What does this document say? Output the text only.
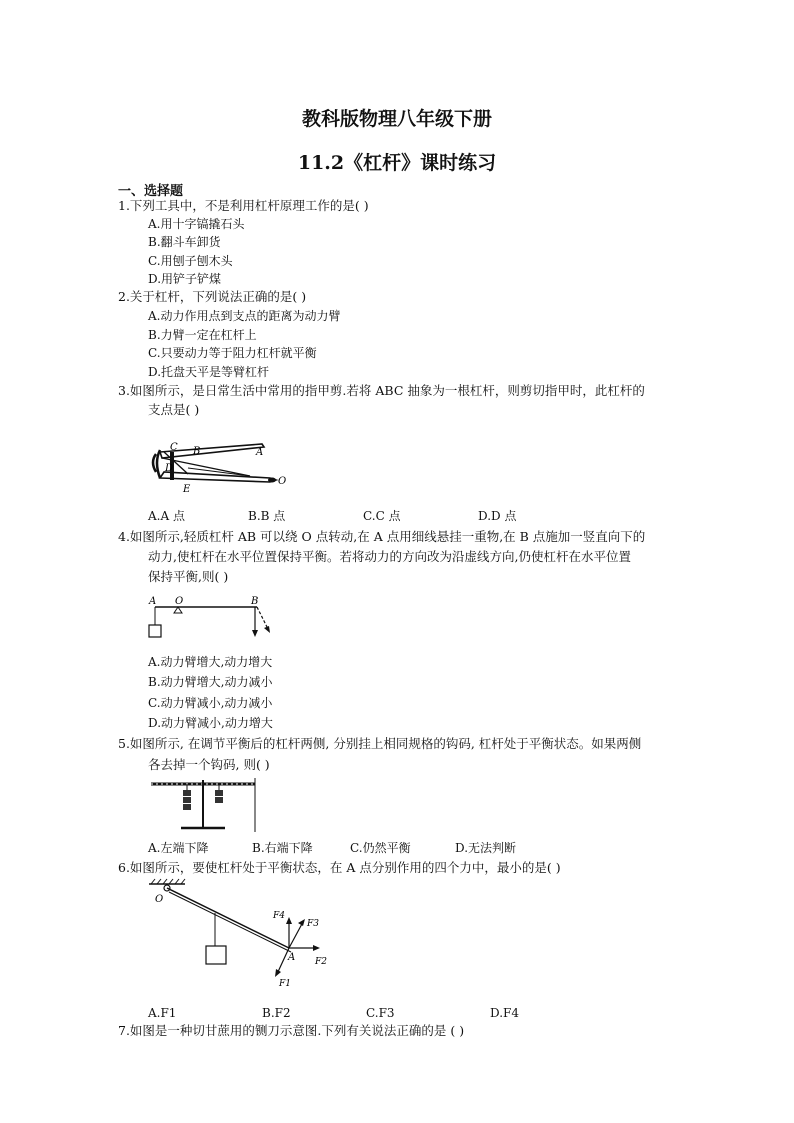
教科版物理八年级下册
11.2《杠杆》课时练习
一、选择题
1.下列工具中，不是利用杠杆原理工作的是( )
A.用十字镐撬石头
B.翻斗车卸货
C.用刨子刨木头
D.用铲子铲煤
2.关于杠杆，下列说法正确的是( )
A.动力作用点到支点的距离为动力臂
B.力臂一定在杠杆上
C.只要动力等于阻力杠杆就平衡
D.托盘天平是等臂杠杆
3.如图所示，是日常生活中常用的指甲剪.若将 ABC 抽象为一根杠杆，则剪切指甲时，此杠杆的
支点是( )
C B	A
D
E
O
A.A 点	B.B 点	C.C 点	D.D 点
4.如图所示,轻质杠杆 AB 可以绕 O 点转动,在 A 点用细线悬挂一重物,在 B 点施加一竖直向下的
动力,使杠杆在水平位置保持平衡。若将动力的方向改为沿虚线方向,仍使杠杆在水平位置
保持平衡,则( )
A O	B
A.动力臂增大,动力增大
B.动力臂增大,动力减小
C.动力臂减小,动力减小
D.动力臂减小,动力增大
5.如图所示, 在调节平衡后的杠杆两侧, 分别挂上相同规格的钩码, 杠杆处于平衡状态。如果两侧
各去掉一个钩码, 则( )
A.左端下降	B.右端下降	C.仍然平衡	D.无法判断
6.如图所示，要使杠杆处于平衡状态，在 A 点分别作用的四个力中，最小的是( )
O
A
F4
F3
F2
F1
A.F1	B.F2	C.F3	D.F4
7.如图是一种切甘蔗用的铡刀示意图.下列有关说法正确的是 ( )
